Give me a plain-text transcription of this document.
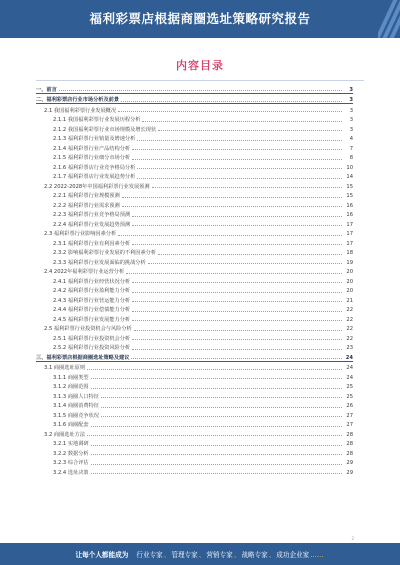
福利彩票店根据商圈选址策略研究报告
内容目录
一、前言	3
二、福利彩票店行业市场分析及前景	3
2.1 我国福利彩票行业发展概况	3
2.1.1 我国福利彩票行业发展历程分析	3
2.1.2 我国福利彩票行业市场规模及增长现状	3
2.1.3 福利彩票行业销量及增速分析	4
2.1.4 福利彩票行业产品结构分析	7
2.1.5 福利彩票行业细分市场分析	8
2.1.6 福利彩票店行业竞争格局分析	10
2.1.7 福利彩票店行业发展趋势分析	14
2.2 2022-2028年中国福利彩票行业发展预测	15
2.2.1 福利彩票行业规模预测	15
2.2.2 福利彩票行业需求预测	16
2.2.3 福利彩票行业竞争格局预测	16
2.2.4 福利彩票行业发展趋势预测	17
2.3 福利彩票行业影响因素分析	17
2.3.1 福利彩票行业有利因素分析	17
2.3.2 影响福利彩票行业发展的不利因素分析	18
2.3.3 福利彩票行业发展面临的挑战分析	19
2.4 2022年福利彩票行业运营分析	20
2.4.1 福利彩票行业经营状况分析	20
2.4.2 福利彩票行业盈利能力分析	20
2.4.3 福利彩票行业营运能力分析	21
2.4.4 福利彩票行业偿债能力分析	22
2.4.5 福利彩票行业发展能力分析	22
2.5 福利彩票行业投资机会与风险分析	22
2.5.1 福利彩票行业投资机会分析	22
2.5.2 福利彩票行业投资风险分析	23
三、福利彩票店根据商圈选址策略及建议	24
3.1 商圈选址原则	24
3.1.1 商圈类型	24
3.1.2 商圈范围	25
3.1.3 商圈人口特征	25
3.1.4 商圈消费特征	26
3.1.5 商圈竞争状况	27
3.1.6 商圈配套	27
3.2 商圈选址方法	28
3.2.1 实地调研	28
3.2.2 数据分析	28
3.2.3 综合评估	29
3.2.4 选址决策	29
2
让每个人都能成为 行业专家、管理专家、营销专家、战略专家、成功企业家……
